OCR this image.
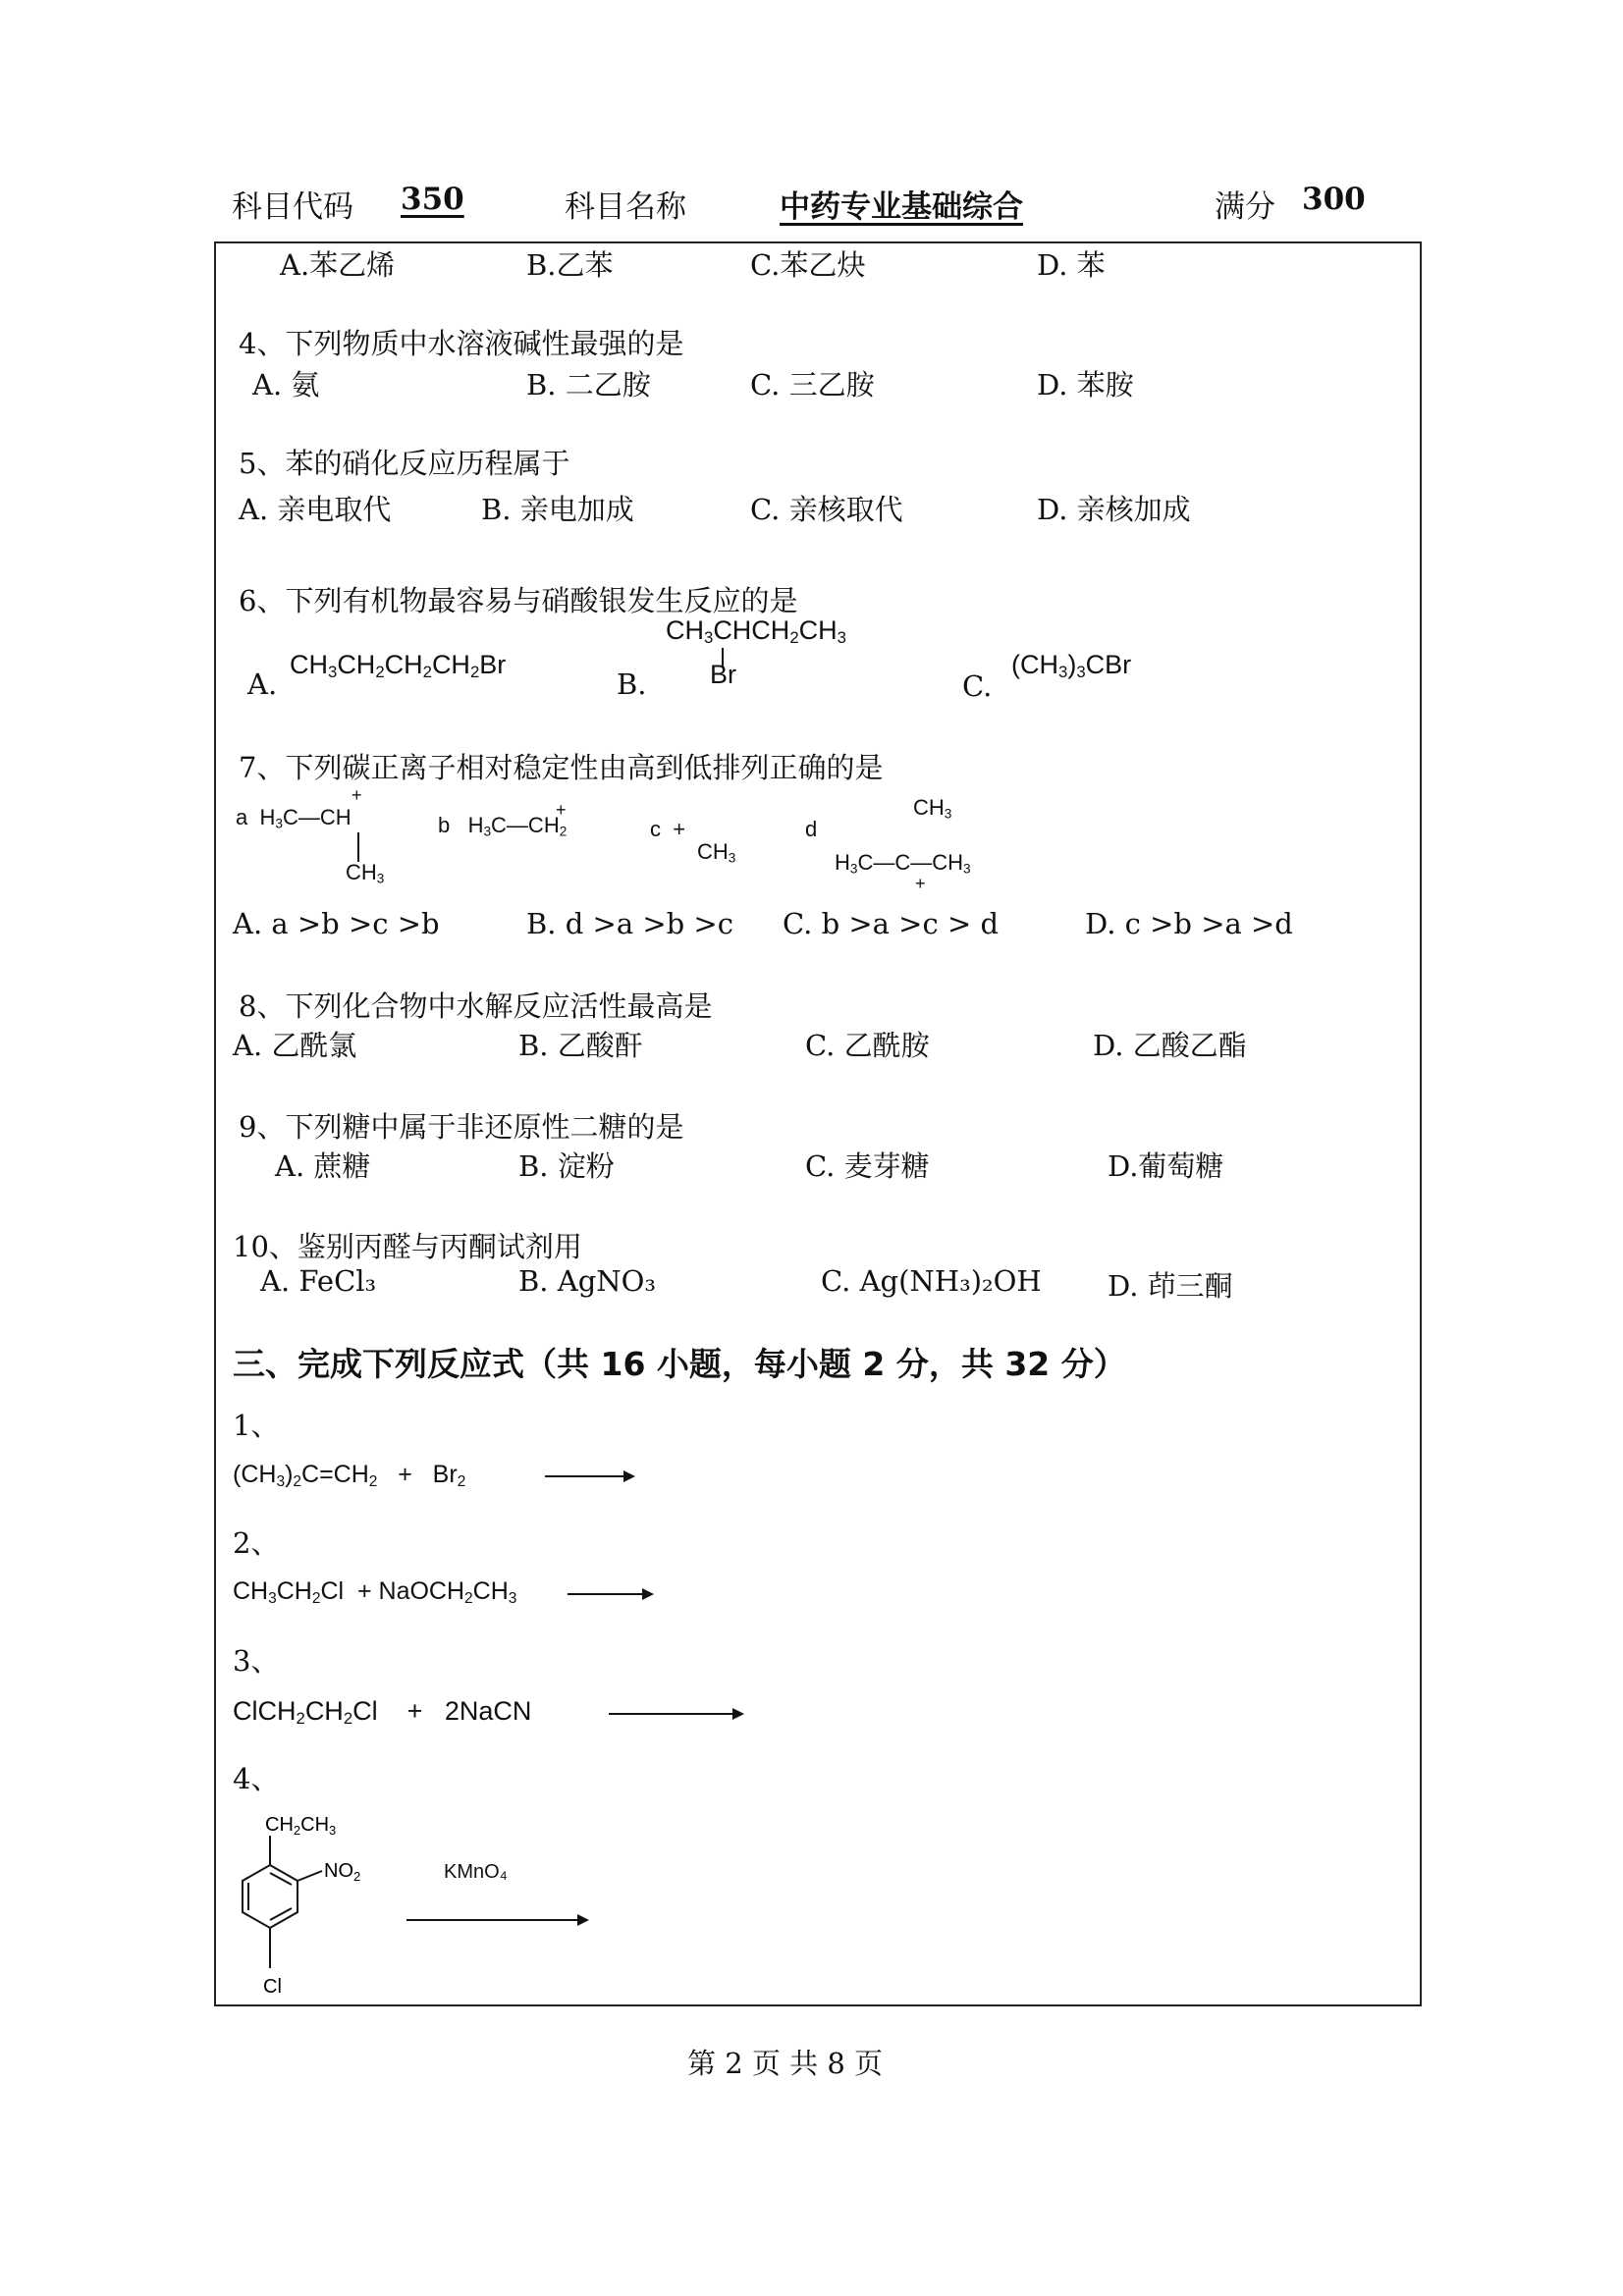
科目代码 350	科目名称	中药专业基础综合	满分 300
A.苯乙烯	B.乙苯	C.苯乙炔	D. 苯
4、下列物质中水溶液碱性最强的是
A. 氨	B. 二乙胺	C. 三乙胺	D. 苯胺
5、苯的硝化反应历程属于
A. 亲电取代	B. 亲电加成	C. 亲核取代	D. 亲核加成
6、下列有机物最容易与硝酸银发生反应的是
A.
$CH_3CH_2CH_2CH_2Br$
B.
$CH_3CHCH_2CH_3$
Br	C.
$(CH_3)_3CBr$
7、下列碳正离子相对稳定性由高到低排列正确的是
a  $H_3C—CH$
+
$CH_3$
b   $H_3C—CH_2$
+
c  +
$CH_3$
d
$CH_3$
$H_3C—C—CH_3$
+
A. a >b >c >b	B. d >a >b >c C. b >a >c > d	D. c >b >a >d
8、下列化合物中水解反应活性最高是
A. 乙酰氯	B. 乙酸酐	C. 乙酰胺	D. 乙酸乙酯
9、下列糖中属于非还原性二糖的是
A. 蔗糖	B. 淀粉	C. 麦芽糖	D.葡萄糖
10、鉴别丙醛与丙酮试剂用
A. FeCl₃	B. AgNO₃	C. Ag(NH₃)₂OH D. 茚三酮
三、完成下列反应式（共 16 小题，每小题 2 分，共 32 分）
1、
$(CH_3)_2C=CH_2 + Br_2$
2、
$CH_3CH_2Cl$  + $NaOCH_2CH_3$
3、
$ClCH_2CH_2Cl$    +   2NaCN
4、
$CH_2CH_3$
$NO_2$
Cl
KMnO₄
第 2 页 共 8 页
